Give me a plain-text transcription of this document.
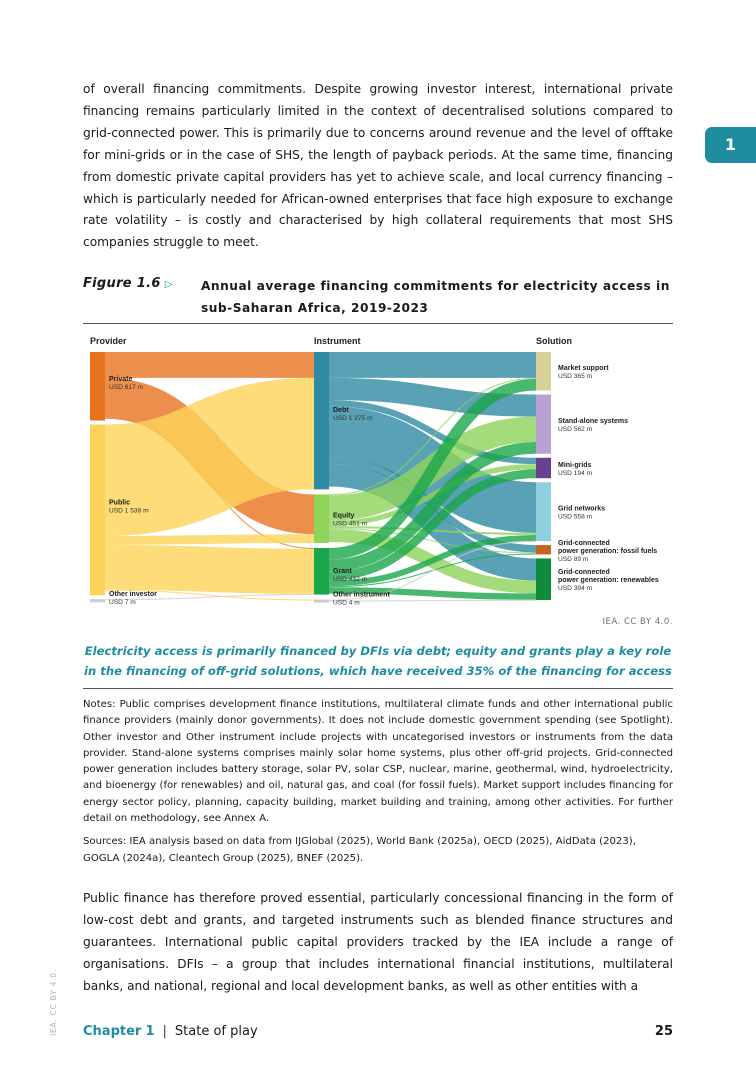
of overall financing commitments. Despite growing investor interest, international private financing remains particularly limited in the context of decentralised solutions compared to grid-connected power. This is primarily due to concerns around revenue and the level of offtake for mini-grids or in the case of SHS, the length of payback periods. At the same time, financing from domestic private capital providers has yet to achieve scale, and local currency financing – which is particularly needed for African-owned enterprises that face high exposure to exchange rate volatility – is costly and characterised by high collateral requirements that most SHS companies struggle to meet.

1
Figure 1.6 ▷ Annual average financing commitments for electricity access in sub-Saharan Africa, 2019-2023

Provider	Instrument	Solution
Private USD 617 m
Public USD 1 538 m
Other investor USD 7 m
Debt USD 1 275 m
Equity USD 451 m
Grant USD 432 m
Other instrument USD 4 m
Market support USD 365 m
Stand-alone systems USD 562 m
Mini-grids USD 194 m
Grid networks USD 558 m
Grid-connected power generation: fossil fuels USD 89 m
Grid-connected power generation: renewables USD 394 m
IEA. CC BY 4.0.

Electricity access is primarily financed by DFIs via debt; equity and grants play a key role in the financing of off-grid solutions, which have received 35% of the financing for access

Notes: Public comprises development finance institutions, multilateral climate funds and other international public finance providers (mainly donor governments). It does not include domestic government spending (see Spotlight). Other investor and Other instrument include projects with uncategorised investors or instruments from the data provider. Stand-alone systems comprises mainly solar home systems, plus other off-grid projects. Grid-connected power generation includes battery storage, solar PV, solar CSP, nuclear, marine, geothermal, wind, hydroelectricity, and bioenergy (for renewables) and oil, natural gas, and coal (for fossil fuels). Market support includes financing for energy sector policy, planning, capacity building, market building and training, among other activities. For further detail on methodology, see Annex A.

Sources: IEA analysis based on data from IJGlobal (2025), World Bank (2025a), OECD (2025), AidData (2023), GOGLA (2024a), Cleantech Group (2025), BNEF (2025).

Public finance has therefore proved essential, particularly concessional financing in the form of low-cost debt and grants, and targeted instruments such as blended finance structures and guarantees. International public capital providers tracked by the IEA include a range of organisations. DFIs – a group that includes international financial institutions, multilateral banks, and national, regional and local development banks, as well as other entities with a

IEA. CC BY 4.0. Chapter 1 | State of play	25
